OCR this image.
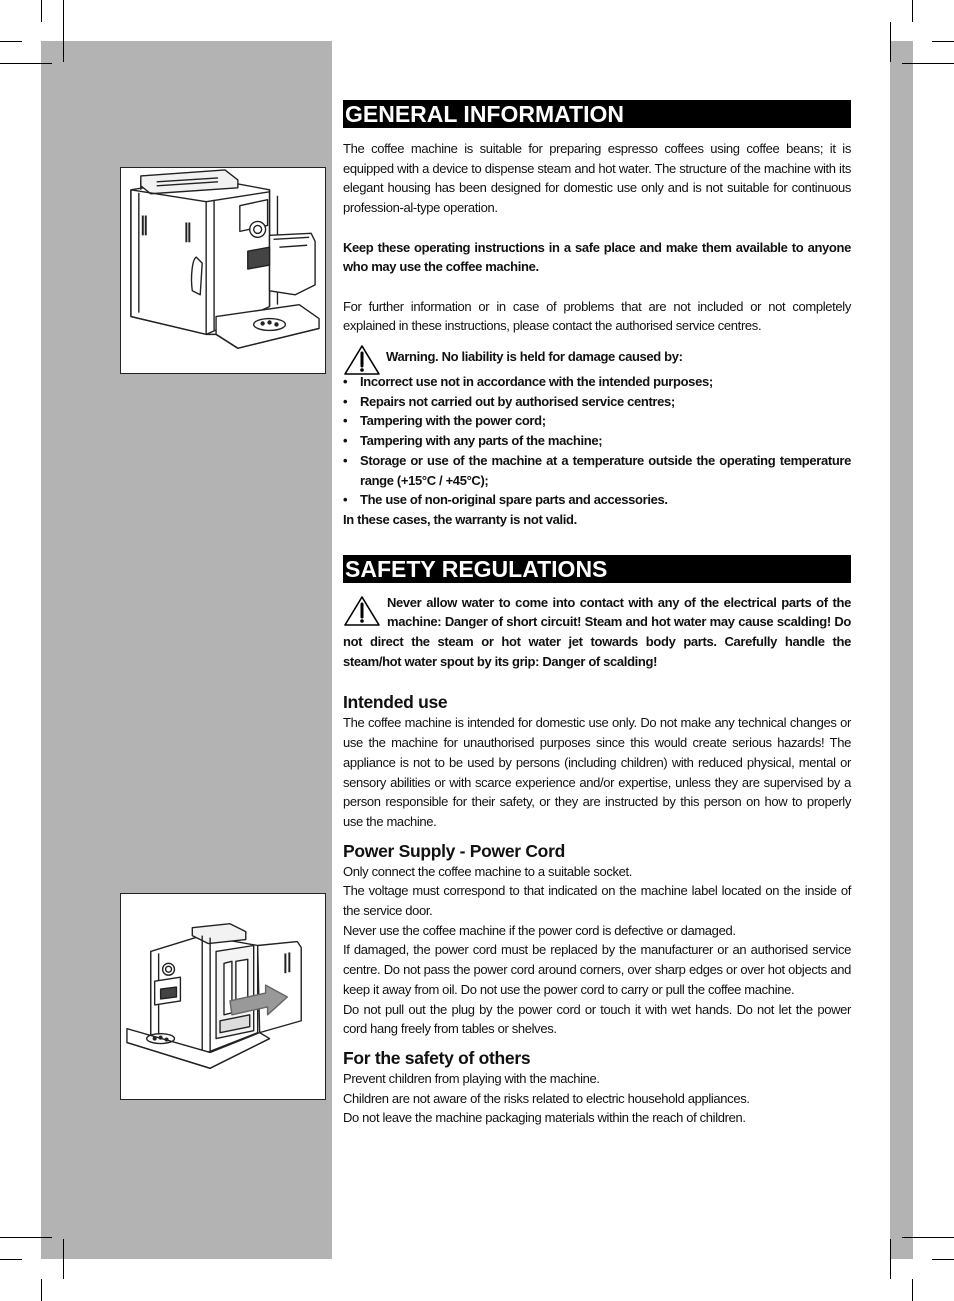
GENERAL INFORMATION

The coffee machine is suitable for preparing espresso coffees using coffee beans; it is equipped with a device to dispense steam and hot water. The structure of the machine with its elegant housing has been designed for domestic use only and is not suitable for continuous profession-al-type operation.

Keep these operating instructions in a safe place and make them available to anyone who may use the coffee machine.

For further information or in case of problems that are not included or not completely explained in these instructions, please contact the authorised service centres.

Warning. No liability is held for damage caused by:

• Incorrect use not in accordance with the intended purposes;
• Repairs not carried out by authorised service centres;
• Tampering with the power cord;
• Tampering with any parts of the machine;
• Storage or use of the machine at a temperature outside the operating temperature range (+15°C / +45°C);
• The use of non-original spare parts and accessories.

In these cases, the warranty is not valid.

SAFETY REGULATIONS

Never allow water to come into contact with any of the electrical parts of the machine: Danger of short circuit! Steam and hot water may cause scalding! Do not direct the steam or hot water jet towards body parts. Carefully handle the steam/hot water spout by its grip: Danger of scalding!

Intended use

The coffee machine is intended for domestic use only. Do not make any technical changes or use the machine for unauthorised purposes since this would create serious hazards! The appliance is not to be used by persons (including children) with reduced physical, mental or sensory abilities or with scarce experience and/or expertise, unless they are supervised by a person responsible for their safety, or they are instructed by this person on how to properly use the machine.

Power Supply - Power Cord

Only connect the coffee machine to a suitable socket.

The voltage must correspond to that indicated on the machine label located on the inside of the service door.

Never use the coffee machine if the power cord is defective or damaged.

If damaged, the power cord must be replaced by the manufacturer or an authorised service centre. Do not pass the power cord around corners, over sharp edges or over hot objects and keep it away from oil. Do not use the power cord to carry or pull the coffee machine.

Do not pull out the plug by the power cord or touch it with wet hands. Do not let the power cord hang freely from tables or shelves.

For the safety of others

Prevent children from playing with the machine.

Children are not aware of the risks related to electric household appliances.

Do not leave the machine packaging materials within the reach of children.
